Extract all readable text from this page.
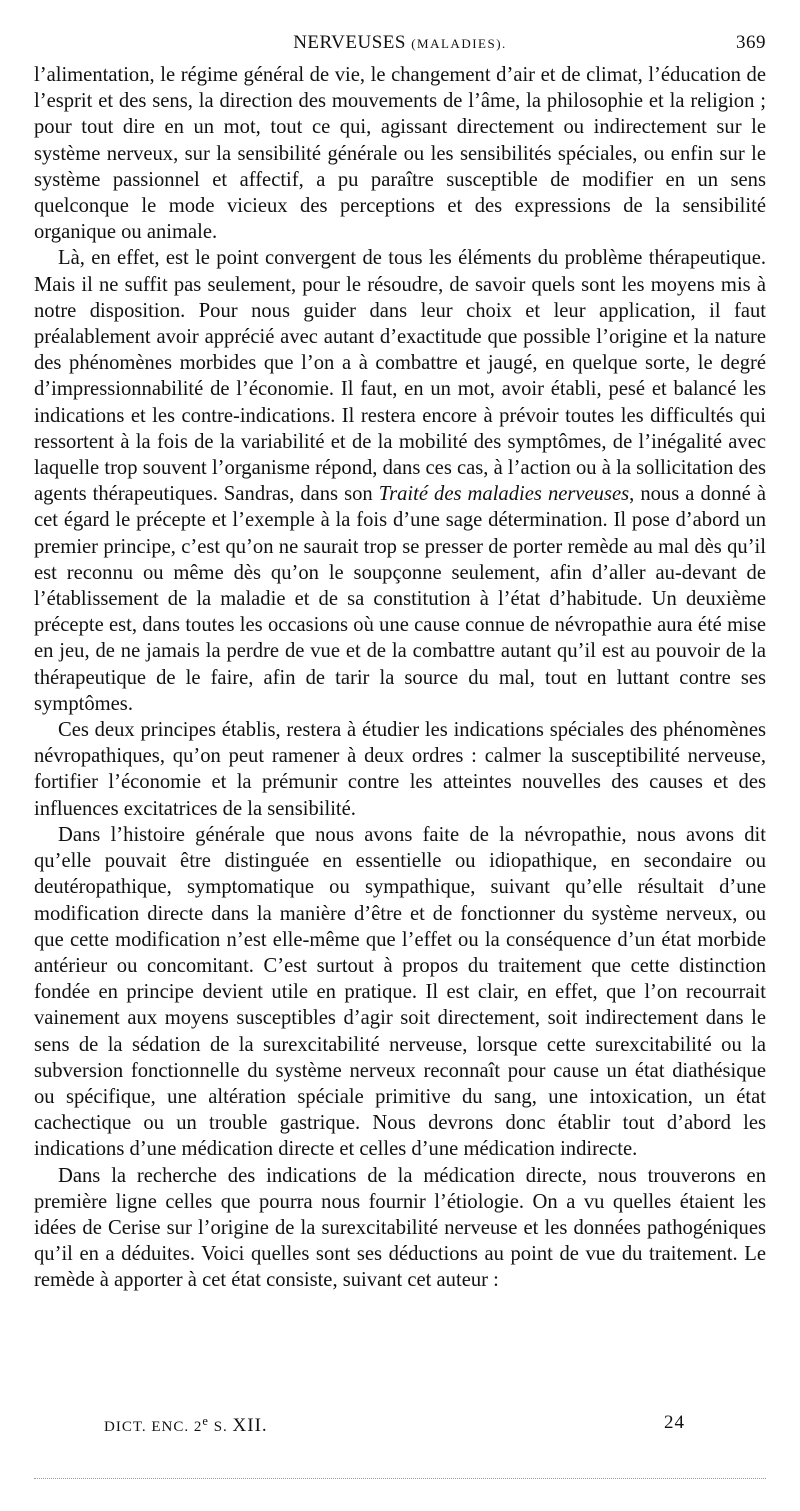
NERVEUSES (MALADIES).	369

l’alimentation, le régime général de vie, le changement d’air et de climat, l’éducation de l’esprit et des sens, la direction des mouvements de l’âme, la philosophie et la religion ; pour tout dire en un mot, tout ce qui, agissant directement ou indirectement sur le système nerveux, sur la sensibilité générale ou les sensibilités spéciales, ou enfin sur le système passionnel et affectif, a pu paraître susceptible de modifier en un sens quelconque le mode vicieux des perceptions et des expressions de la sensibilité organique ou animale.

Là, en effet, est le point convergent de tous les éléments du problème thérapeutique. Mais il ne suffit pas seulement, pour le résoudre, de savoir quels sont les moyens mis à notre disposition. Pour nous guider dans leur choix et leur application, il faut préalablement avoir apprécié avec autant d’exactitude que possible l’origine et la nature des phénomènes morbides que l’on a à combattre et jaugé, en quelque sorte, le degré d’impressionnabilité de l’économie. Il faut, en un mot, avoir établi, pesé et balancé les indications et les contre-indications. Il restera encore à prévoir toutes les difficultés qui ressortent à la fois de la variabilité et de la mobilité des symptômes, de l’inégalité avec laquelle trop souvent l’organisme répond, dans ces cas, à l’action ou à la sollicitation des agents thérapeutiques. Sandras, dans son Traité des maladies nerveuses, nous a donné à cet égard le précepte et l’exemple à la fois d’une sage détermination. Il pose d’abord un premier principe, c’est qu’on ne saurait trop se presser de porter remède au mal dès qu’il est reconnu ou même dès qu’on le soupçonne seulement, afin d’aller au-devant de l’établissement de la maladie et de sa constitution à l’état d’habitude. Un deuxième précepte est, dans toutes les occasions où une cause connue de névropathie aura été mise en jeu, de ne jamais la perdre de vue et de la combattre autant qu’il est au pouvoir de la thérapeutique de le faire, afin de tarir la source du mal, tout en luttant contre ses symptômes.

Ces deux principes établis, restera à étudier les indications spéciales des phénomènes névropathiques, qu’on peut ramener à deux ordres : calmer la susceptibilité nerveuse, fortifier l’économie et la prémunir contre les atteintes nouvelles des causes et des influences excitatrices de la sensibilité.

Dans l’histoire générale que nous avons faite de la névropathie, nous avons dit qu’elle pouvait être distinguée en essentielle ou idiopathique, en secondaire ou deutéropathique, symptomatique ou sympathique, suivant qu’elle résultait d’une modification directe dans la manière d’être et de fonctionner du système nerveux, ou que cette modification n’est elle-même que l’effet ou la conséquence d’un état morbide antérieur ou concomitant. C’est surtout à propos du traitement que cette distinction fondée en principe devient utile en pratique. Il est clair, en effet, que l’on recourrait vainement aux moyens susceptibles d’agir soit directement, soit indirectement dans le sens de la sédation de la surexcitabilité nerveuse, lorsque cette surexcitabilité ou la subversion fonctionnelle du système nerveux reconnaît pour cause un état diathésique ou spécifique, une altération spéciale primitive du sang, une intoxication, un état cachectique ou un trouble gastrique. Nous devrons donc établir tout d’abord les indications d’une médication directe et celles d’une médication indirecte.

Dans la recherche des indications de la médication directe, nous trouverons en première ligne celles que pourra nous fournir l’étiologie. On a vu quelles étaient les idées de Cerise sur l’origine de la surexcitabilité nerveuse et les données pathogéniques qu’il en a déduites. Voici quelles sont ses déductions au point de vue du traitement. Le remède à apporter à cet état consiste, suivant cet auteur :

DICT. ENC. 2e S. XII.	24
